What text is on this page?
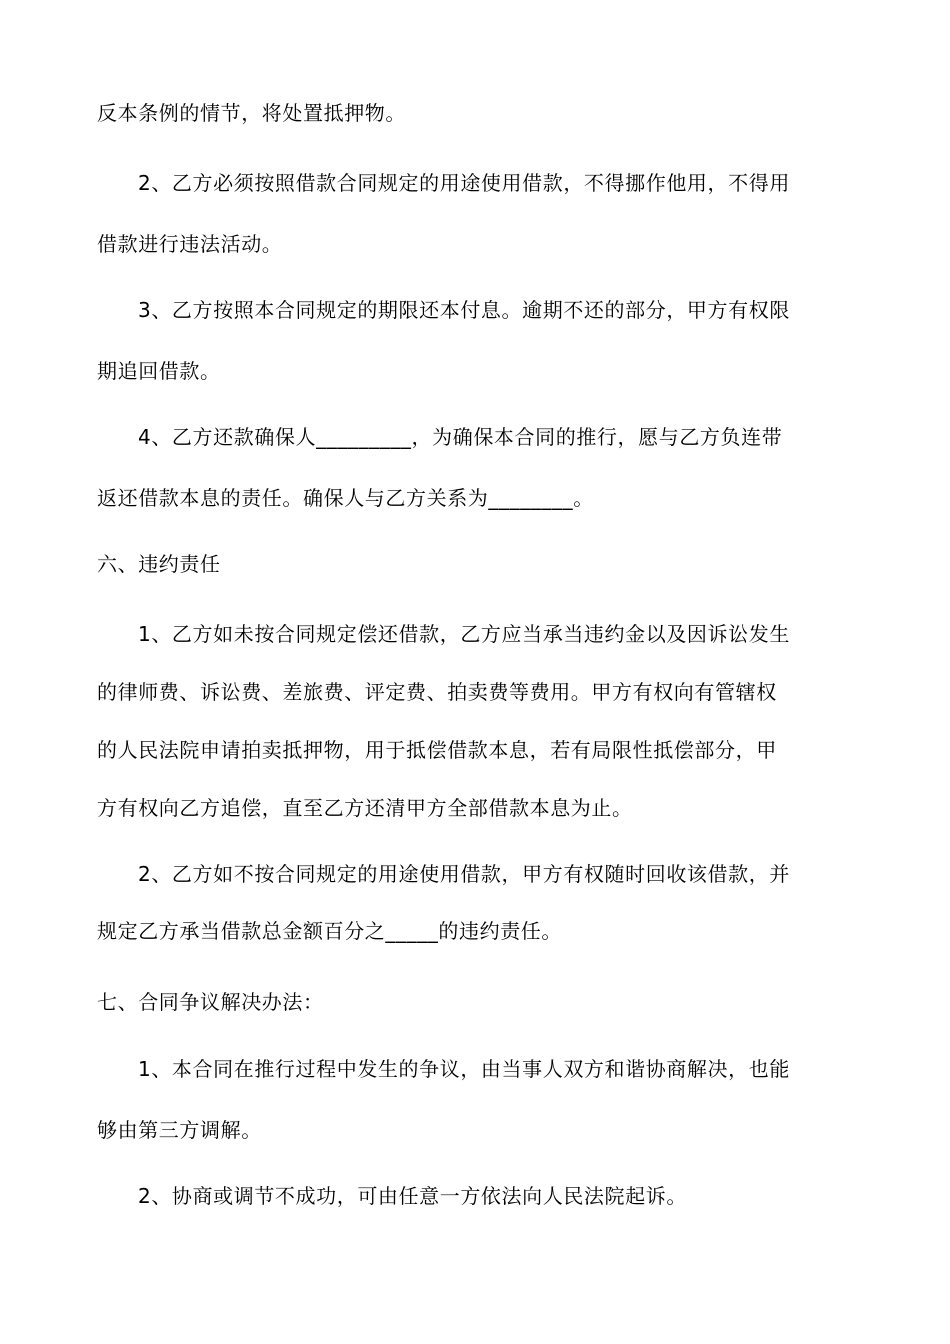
反本条例的情节，将处置抵押物。
2、乙方必须按照借款合同规定的用途使用借款，不得挪作他用，不得用
借款进行违法活动。
3、乙方按照本合同规定的期限还本付息。逾期不还的部分，甲方有权限
期追回借款。
4、乙方还款确保人_________，为确保本合同的推行，愿与乙方负连带
返还借款本息的责任。确保人与乙方关系为________。
六、违约责任
1、乙方如未按合同规定偿还借款，乙方应当承当违约金以及因诉讼发生
的律师费、诉讼费、差旅费、评定费、拍卖费等费用。甲方有权向有管辖权
的人民法院申请拍卖抵押物，用于抵偿借款本息，若有局限性抵偿部分，甲
方有权向乙方追偿，直至乙方还清甲方全部借款本息为止。
2、乙方如不按合同规定的用途使用借款，甲方有权随时回收该借款，并
规定乙方承当借款总金额百分之_____的违约责任。
七、合同争议解决办法：
1、本合同在推行过程中发生的争议，由当事人双方和谐协商解决，也能
够由第三方调解。
2、协商或调节不成功，可由任意一方依法向人民法院起诉。
